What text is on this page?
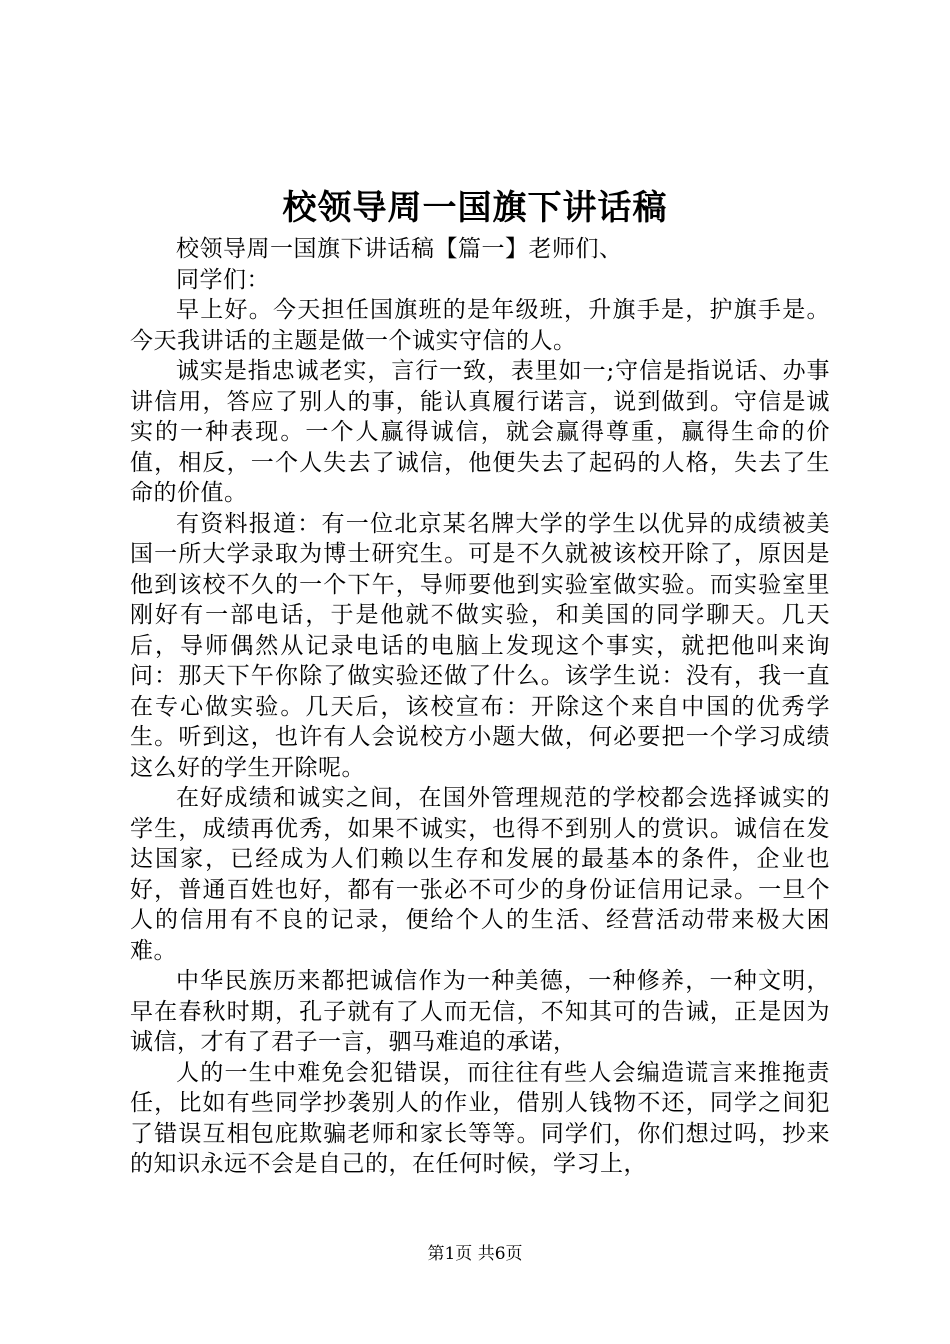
校领导周一国旗下讲话稿

校领导周一国旗下讲话稿【篇一】老师们、

同学们：

早上好。今天担任国旗班的是年级班，升旗手是，护旗手是。今天我讲话的主题是做一个诚实守信的人。

诚实是指忠诚老实，言行一致，表里如一;守信是指说话、办事讲信用，答应了别人的事，能认真履行诺言，说到做到。守信是诚实的一种表现。一个人赢得诚信，就会赢得尊重，赢得生命的价值，相反，一个人失去了诚信，他便失去了起码的人格，失去了生命的价值。

有资料报道：有一位北京某名牌大学的学生以优异的成绩被美国一所大学录取为博士研究生。可是不久就被该校开除了，原因是他到该校不久的一个下午，导师要他到实验室做实验。而实验室里刚好有一部电话，于是他就不做实验，和美国的同学聊天。几天后，导师偶然从记录电话的电脑上发现这个事实，就把他叫来询问：那天下午你除了做实验还做了什么。该学生说：没有，我一直在专心做实验。几天后，该校宣布：开除这个来自中国的优秀学生。听到这，也许有人会说校方小题大做，何必要把一个学习成绩这么好的学生开除呢。

在好成绩和诚实之间，在国外管理规范的学校都会选择诚实的学生，成绩再优秀，如果不诚实，也得不到别人的赏识。诚信在发达国家，已经成为人们赖以生存和发展的最基本的条件，企业也好，普通百姓也好，都有一张必不可少的身份证信用记录。一旦个人的信用有不良的记录，便给个人的生活、经营活动带来极大困难。

中华民族历来都把诚信作为一种美德，一种修养，一种文明，早在春秋时期，孔子就有了人而无信，不知其可的告诫，正是因为诚信，才有了君子一言，驷马难追的承诺，

人的一生中难免会犯错误，而往往有些人会编造谎言来推拖责任，比如有些同学抄袭别人的作业，借别人钱物不还，同学之间犯了错误互相包庇欺骗老师和家长等等。同学们，你们想过吗，抄来的知识永远不会是自己的，在任何时候，学习上，

第1页 共6页
